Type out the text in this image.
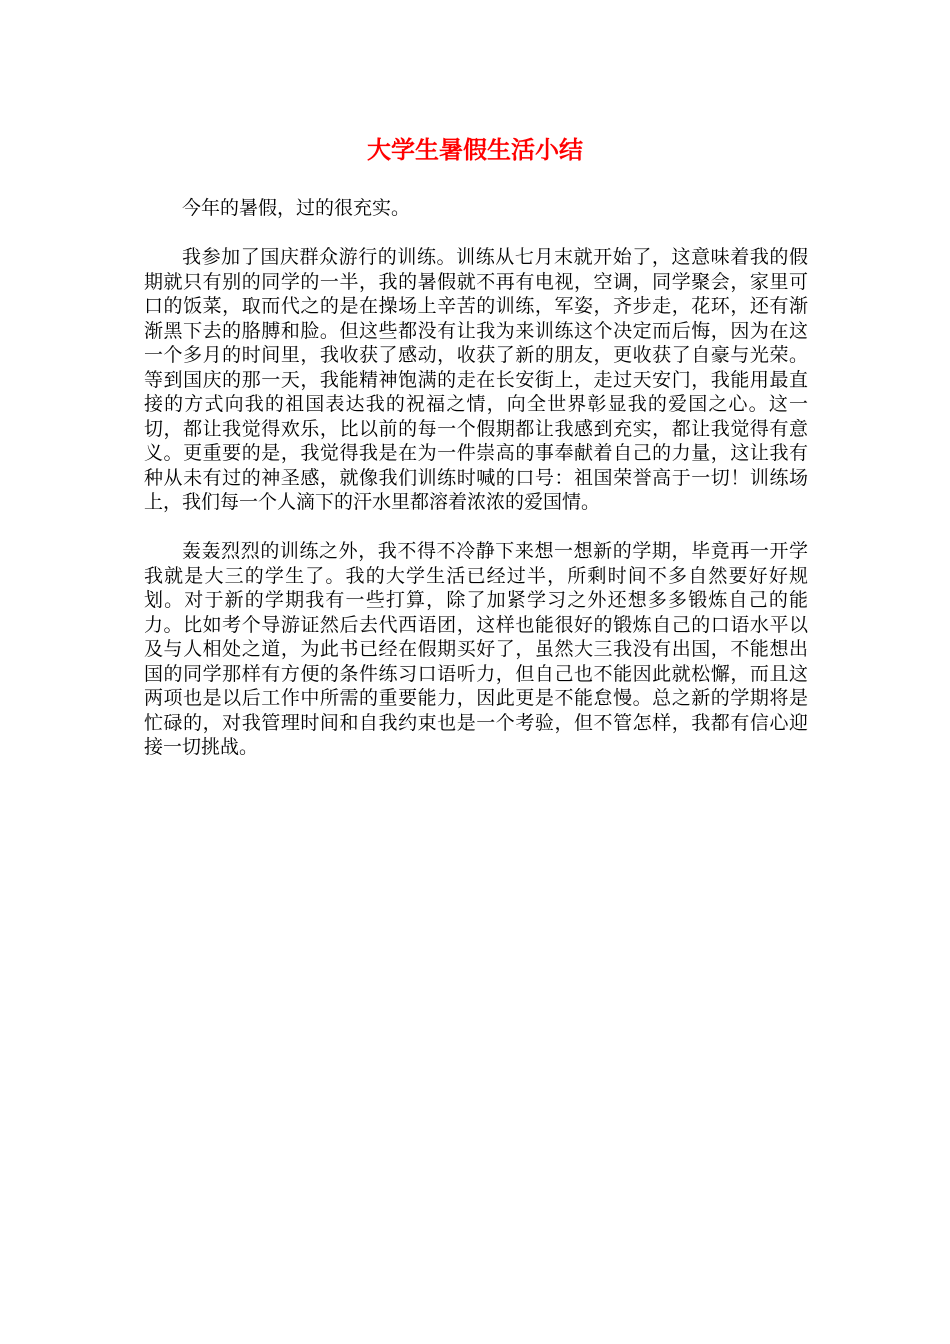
大学生暑假生活小结

今年的暑假，过的很充实。

我参加了国庆群众游行的训练。训练从七月末就开始了，这意味着我的假期就只有别的同学的一半，我的暑假就不再有电视，空调，同学聚会，家里可口的饭菜，取而代之的是在操场上辛苦的训练，军姿，齐步走，花环，还有渐渐黑下去的胳膊和脸。但这些都没有让我为来训练这个决定而后悔，因为在这一个多月的时间里，我收获了感动，收获了新的朋友，更收获了自豪与光荣。等到国庆的那一天，我能精神饱满的走在长安街上，走过天安门，我能用最直接的方式向我的祖国表达我的祝福之情，向全世界彰显我的爱国之心。这一切，都让我觉得欢乐，比以前的每一个假期都让我感到充实，都让我觉得有意义。更重要的是，我觉得我是在为一件崇高的事奉献着自己的力量，这让我有种从未有过的神圣感，就像我们训练时喊的口号：祖国荣誉高于一切！训练场上，我们每一个人滴下的汗水里都溶着浓浓的爱国情。

轰轰烈烈的训练之外，我不得不冷静下来想一想新的学期，毕竟再一开学我就是大三的学生了。我的大学生活已经过半，所剩时间不多自然要好好规划。对于新的学期我有一些打算，除了加紧学习之外还想多多锻炼自己的能力。比如考个导游证然后去代西语团，这样也能很好的锻炼自己的口语水平以及与人相处之道，为此书已经在假期买好了，虽然大三我没有出国，不能想出国的同学那样有方便的条件练习口语听力，但自己也不能因此就松懈，而且这两项也是以后工作中所需的重要能力，因此更是不能怠慢。总之新的学期将是忙碌的，对我管理时间和自我约束也是一个考验，但不管怎样，我都有信心迎接一切挑战。
